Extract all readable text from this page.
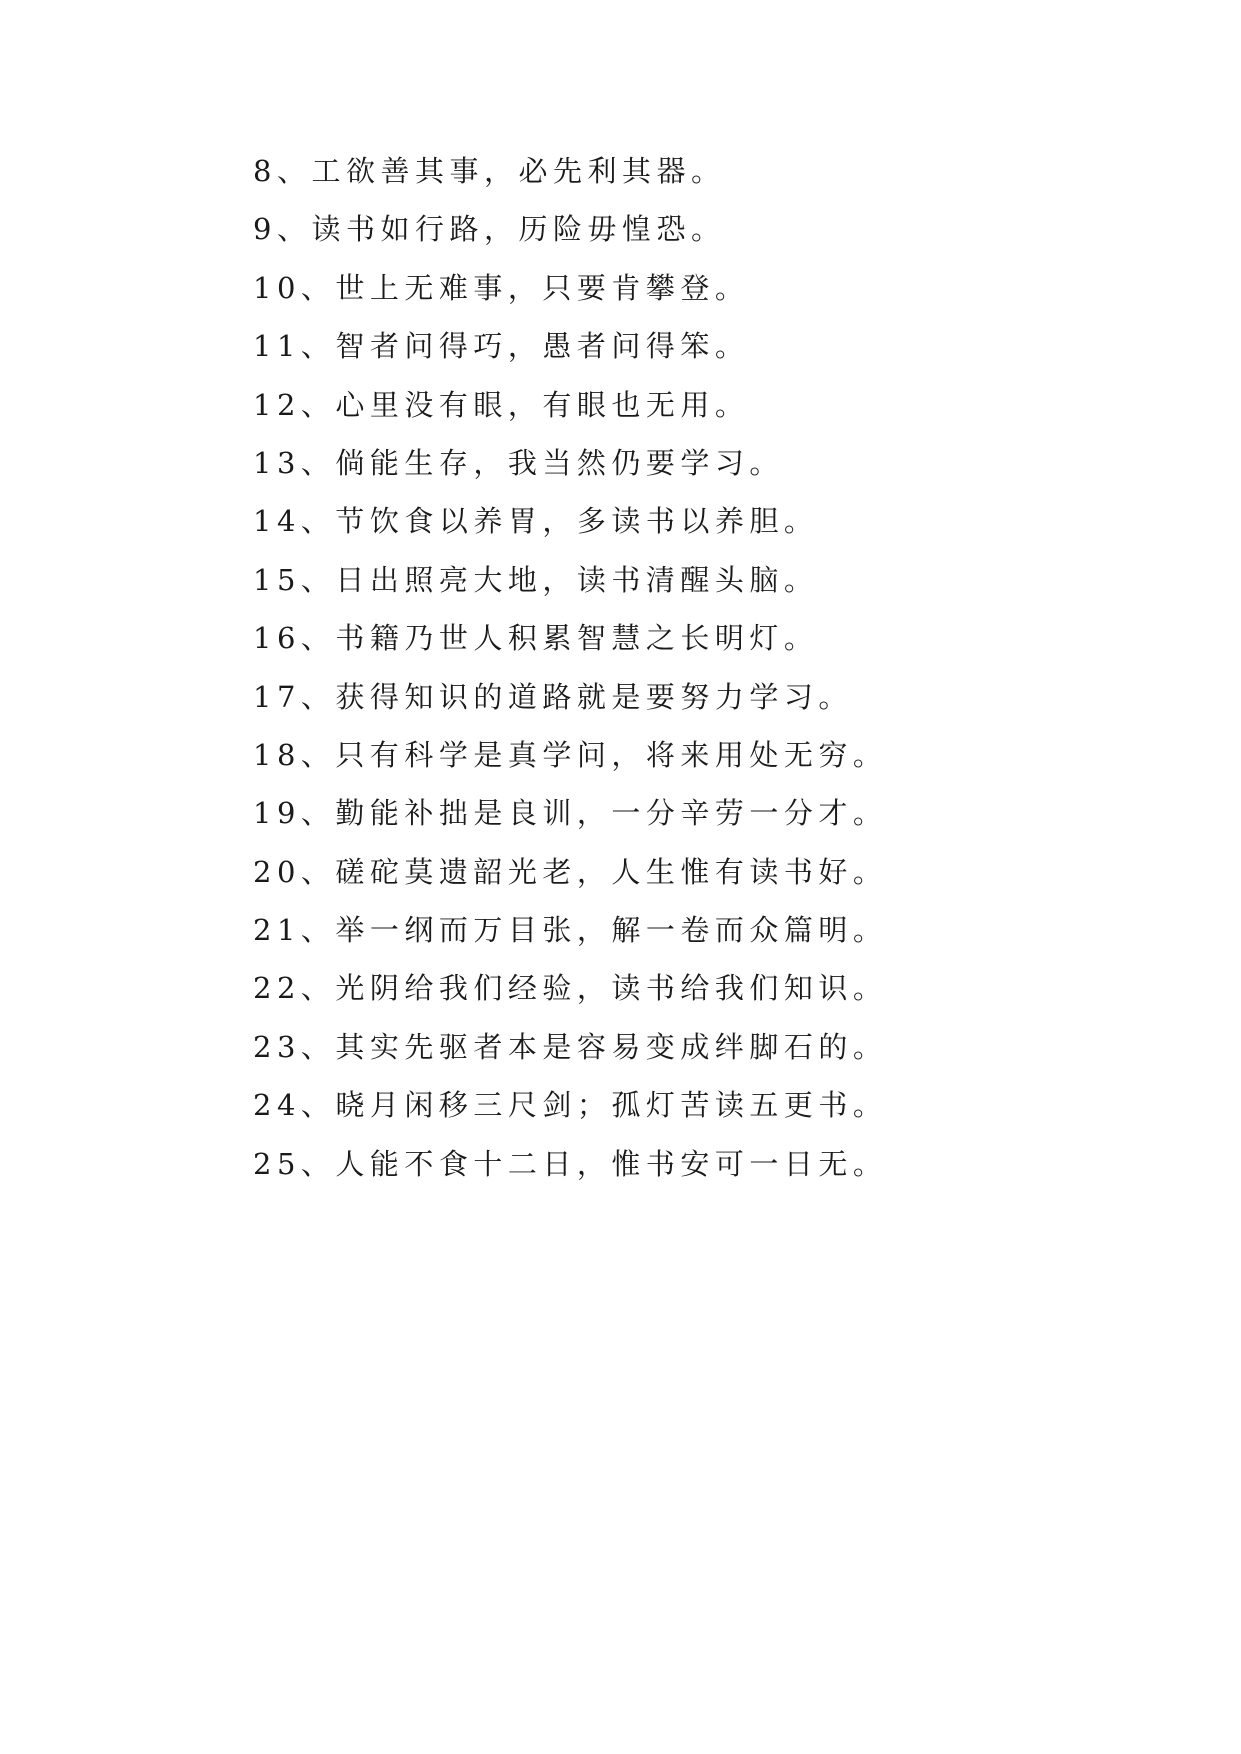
8、工欲善其事，必先利其器。
9、读书如行路，历险毋惶恐。
10、世上无难事，只要肯攀登。
11、智者问得巧，愚者问得笨。
12、心里没有眼，有眼也无用。
13、倘能生存，我当然仍要学习。
14、节饮食以养胃，多读书以养胆。
15、日出照亮大地，读书清醒头脑。
16、书籍乃世人积累智慧之长明灯。
17、获得知识的道路就是要努力学习。
18、只有科学是真学问，将来用处无穷。
19、勤能补拙是良训，一分辛劳一分才。
20、磋砣莫遗韶光老，人生惟有读书好。
21、举一纲而万目张，解一卷而众篇明。
22、光阴给我们经验，读书给我们知识。
23、其实先驱者本是容易变成绊脚石的。
24、晓月闲移三尺剑；孤灯苦读五更书。
25、人能不食十二日，惟书安可一日无。
